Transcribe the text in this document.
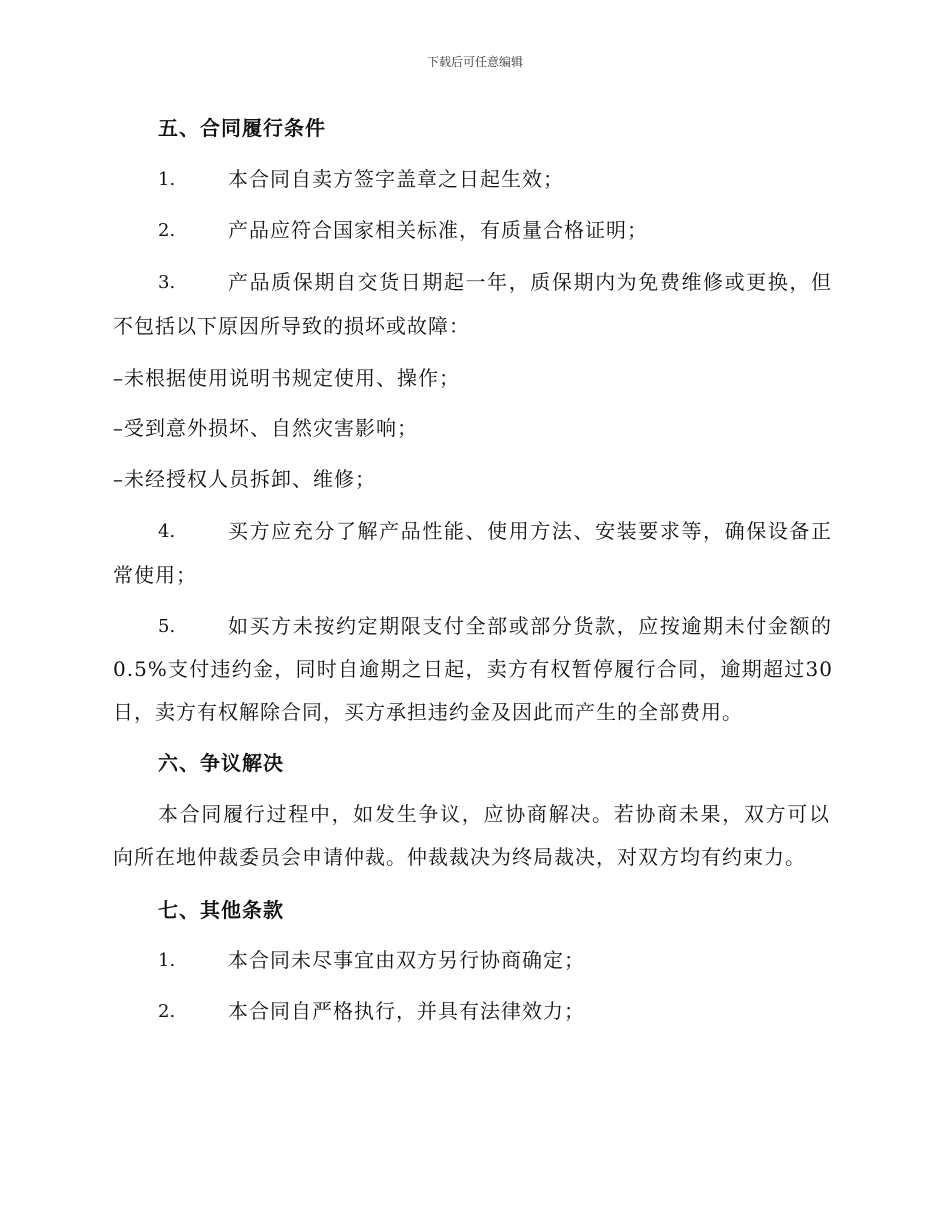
下载后可任意编辑
五、合同履行条件
1.	本合同自卖方签字盖章之日起生效；
2.	产品应符合国家相关标准，有质量合格证明；
3.	产品质保期自交货日期起一年，质保期内为免费维修或更换，但
不包括以下原因所导致的损坏或故障：
–未根据使用说明书规定使用、操作；
–受到意外损坏、自然灾害影响；
–未经授权人员拆卸、维修；
4.	买方应充分了解产品性能、使用方法、安装要求等，确保设备正
常使用；
5.	如买方未按约定期限支付全部或部分货款，应按逾期未付金额的
0.5%支付违约金，同时自逾期之日起，卖方有权暂停履行合同，逾期超过30
日，卖方有权解除合同，买方承担违约金及因此而产生的全部费用。
六、争议解决
本合同履行过程中，如发生争议，应协商解决。若协商未果，双方可以
向所在地仲裁委员会申请仲裁。仲裁裁决为终局裁决，对双方均有约束力。
七、其他条款
1.	本合同未尽事宜由双方另行协商确定；
2.	本合同自严格执行，并具有法律效力；
